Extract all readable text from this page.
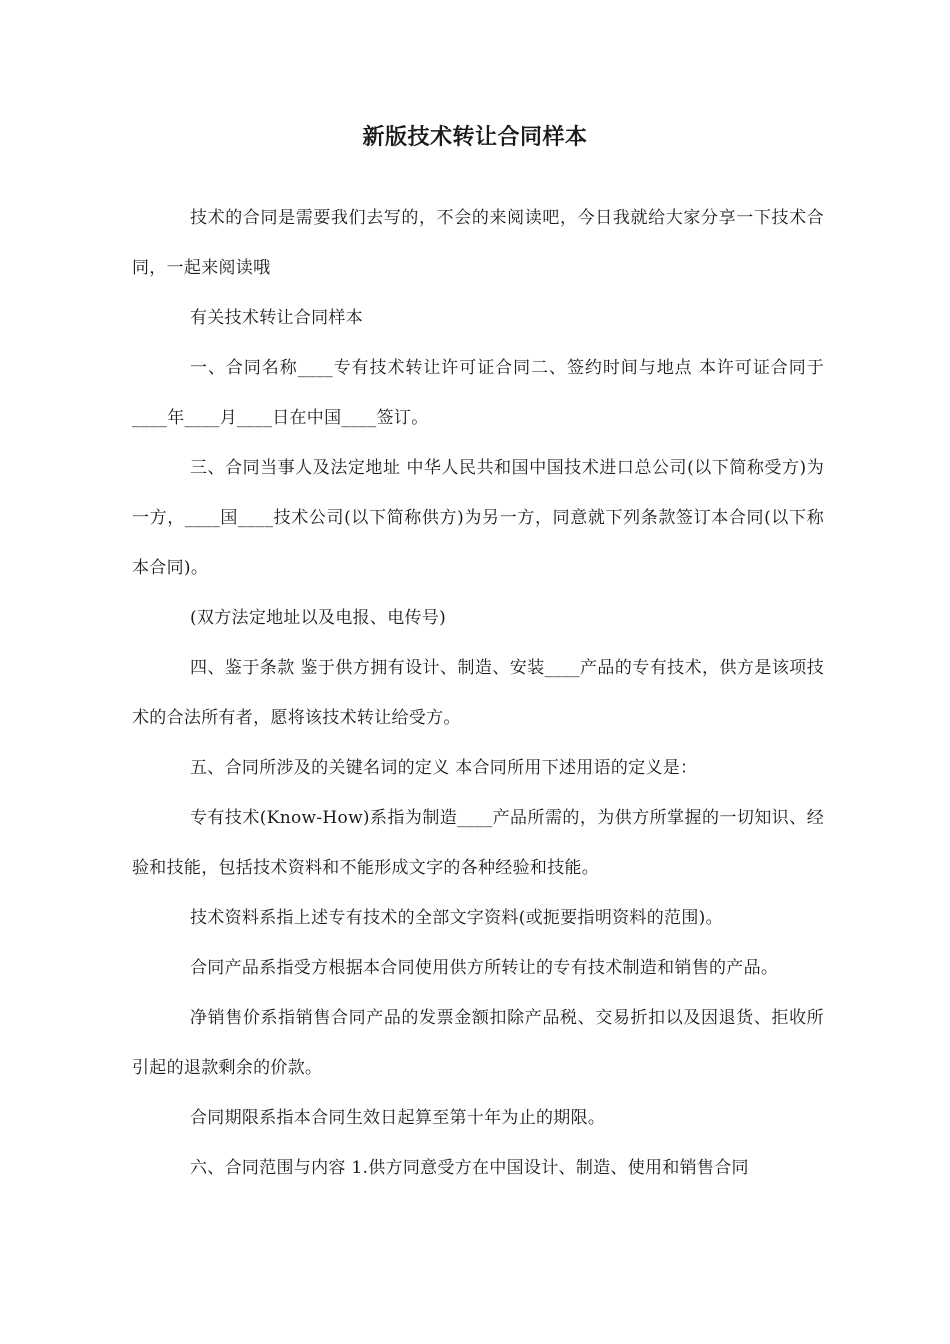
新版技术转让合同样本

技术的合同是需要我们去写的，不会的来阅读吧，今日我就给大家分享一下技术合同，一起来阅读哦

有关技术转让合同样本

一、合同名称____专有技术转让许可证合同二、签约时间与地点 本许可证合同于____年____月____日在中国____签订。

三、合同当事人及法定地址 中华人民共和国中国技术进口总公司(以下简称受方)为一方，____国____技术公司(以下简称供方)为另一方，同意就下列条款签订本合同(以下称本合同)。

(双方法定地址以及电报、电传号)

四、鉴于条款 鉴于供方拥有设计、制造、安装____产品的专有技术，供方是该项技术的合法所有者，愿将该技术转让给受方。

五、合同所涉及的关键名词的定义 本合同所用下述用语的定义是：

专有技术(Know-How)系指为制造____产品所需的，为供方所掌握的一切知识、经验和技能，包括技术资料和不能形成文字的各种经验和技能。

技术资料系指上述专有技术的全部文字资料(或扼要指明资料的范围)。

合同产品系指受方根据本合同使用供方所转让的专有技术制造和销售的产品。

净销售价系指销售合同产品的发票金额扣除产品税、交易折扣以及因退货、拒收所引起的退款剩余的价款。

合同期限系指本合同生效日起算至第十年为止的期限。

六、合同范围与内容 1.供方同意受方在中国设计、制造、使用和销售合同
